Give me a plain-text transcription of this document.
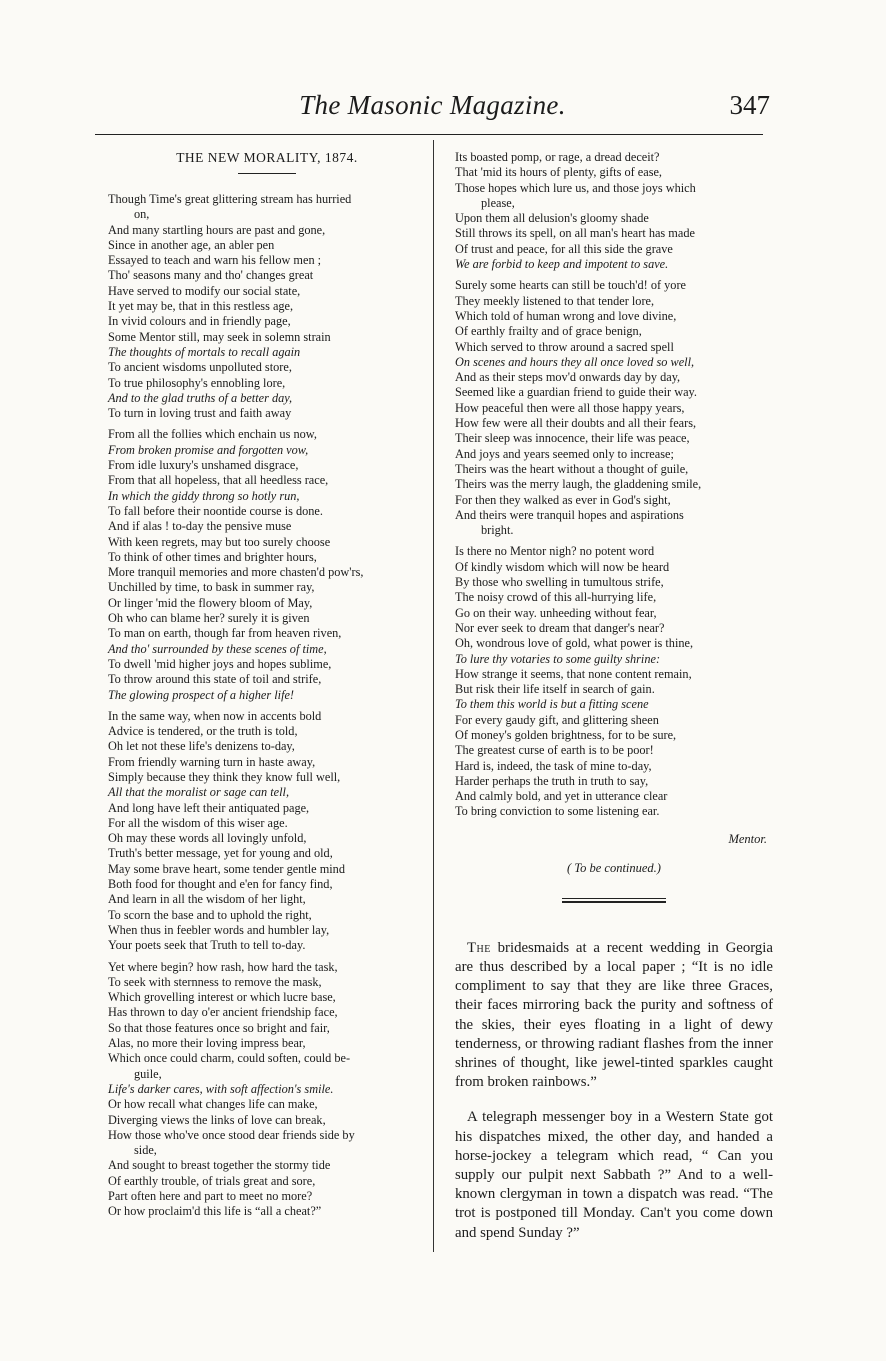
The Masonic Magazine.	347
THE NEW MORALITY, 1874.
Though Time's great glittering stream has hurried
on,
And many startling hours are past and gone,
Since in another age, an abler pen
Essayed to teach and warn his fellow men ;
Tho' seasons many and tho' changes great
Have served to modify our social state,
It yet may be, that in this restless age,
In vivid colours and in friendly page,
Some Mentor still, may seek in solemn strain
The thoughts of mortals to recall again
To ancient wisdoms unpolluted store,
To true philosophy's ennobling lore,
And to the glad truths of a better day,
To turn in loving trust and faith away
From all the follies which enchain us now,
From broken promise and forgotten vow,
From idle luxury's unshamed disgrace,
From that all hopeless, that all heedless race,
In which the giddy throng so hotly run,
To fall before their noontide course is done.
And if alas ! to-day the pensive muse
With keen regrets, may but too surely choose
To think of other times and brighter hours,
More tranquil memories and more chasten'd pow'rs,
Unchilled by time, to bask in summer ray,
Or linger 'mid the flowery bloom of May,
Oh who can blame her? surely it is given
To man on earth, though far from heaven riven,
And tho' surrounded by these scenes of time,
To dwell 'mid higher joys and hopes sublime,
To throw around this state of toil and strife,
The glowing prospect of a higher life!
In the same way, when now in accents bold
Advice is tendered, or the truth is told,
Oh let not these life's denizens to-day,
From friendly warning turn in haste away,
Simply because they think they know full well,
All that the moralist or sage can tell,
And long have left their antiquated page,
For all the wisdom of this wiser age.
Oh may these words all lovingly unfold,
Truth's better message, yet for young and old,
May some brave heart, some tender gentle mind
Both food for thought and e'en for fancy find,
And learn in all the wisdom of her light,
To scorn the base and to uphold the right,
When thus in feebler words and humbler lay,
Your poets seek that Truth to tell to-day.
Yet where begin? how rash, how hard the task,
To seek with sternness to remove the mask,
Which grovelling interest or which lucre base,
Has thrown to day o'er ancient friendship face,
So that those features once so bright and fair,
Alas, no more their loving impress bear,
Which once could charm, could soften, could be-
guile,
Life's darker cares, with soft affection's smile.
Or how recall what changes life can make,
Diverging views the links of love can break,
How those who've once stood dear friends side by
side,
And sought to breast together the stormy tide
Of earthly trouble, of trials great and sore,
Part often here and part to meet no more?
Or how proclaim'd this life is “all a cheat?”
Its boasted pomp, or rage, a dread deceit?
That 'mid its hours of plenty, gifts of ease,
Those hopes which lure us, and those joys which
please,
Upon them all delusion's gloomy shade
Still throws its spell, on all man's heart has made
Of trust and peace, for all this side the grave
We are forbid to keep and impotent to save.
Surely some hearts can still be touch'd! of yore
They meekly listened to that tender lore,
Which told of human wrong and love divine,
Of earthly frailty and of grace benign,
Which served to throw around a sacred spell
On scenes and hours they all once loved so well,
And as their steps mov'd onwards day by day,
Seemed like a guardian friend to guide their way.
How peaceful then were all those happy years,
How few were all their doubts and all their fears,
Their sleep was innocence, their life was peace,
And joys and years seemed only to increase;
Theirs was the heart without a thought of guile,
Theirs was the merry laugh, the gladdening smile,
For then they walked as ever in God's sight,
And theirs were tranquil hopes and aspirations
bright.
Is there no Mentor nigh? no potent word
Of kindly wisdom which will now be heard
By those who swelling in tumultous strife,
The noisy crowd of this all-hurrying life,
Go on their way. unheeding without fear,
Nor ever seek to dream that danger's near?
Oh, wondrous love of gold, what power is thine,
To lure thy votaries to some guilty shrine:
How strange it seems, that none content remain,
But risk their life itself in search of gain.
To them this world is but a fitting scene
For every gaudy gift, and glittering sheen
Of money's golden brightness, for to be sure,
The greatest curse of earth is to be poor!
Hard is, indeed, the task of mine to-day,
Harder perhaps the truth in truth to say,
And calmly bold, and yet in utterance clear
To bring conviction to some listening ear.
Mentor.
( To be continued.)

The bridesmaids at a recent wedding in Georgia are thus described by a local paper ; “It is no idle compliment to say that they are like three Graces, their faces mirroring back the purity and softness of the skies, their eyes floating in a light of dewy tenderness, or throwing radiant flashes from the inner shrines of thought, like jewel-tinted sparkles caught from broken rainbows.”

A telegraph messenger boy in a Western State got his dispatches mixed, the other day, and handed a horse-jockey a telegram which read, “ Can you supply our pulpit next Sabbath ?” And to a well-known clergyman in town a dispatch was read. “The trot is postponed till Monday. Can't you come down and spend Sunday ?”
